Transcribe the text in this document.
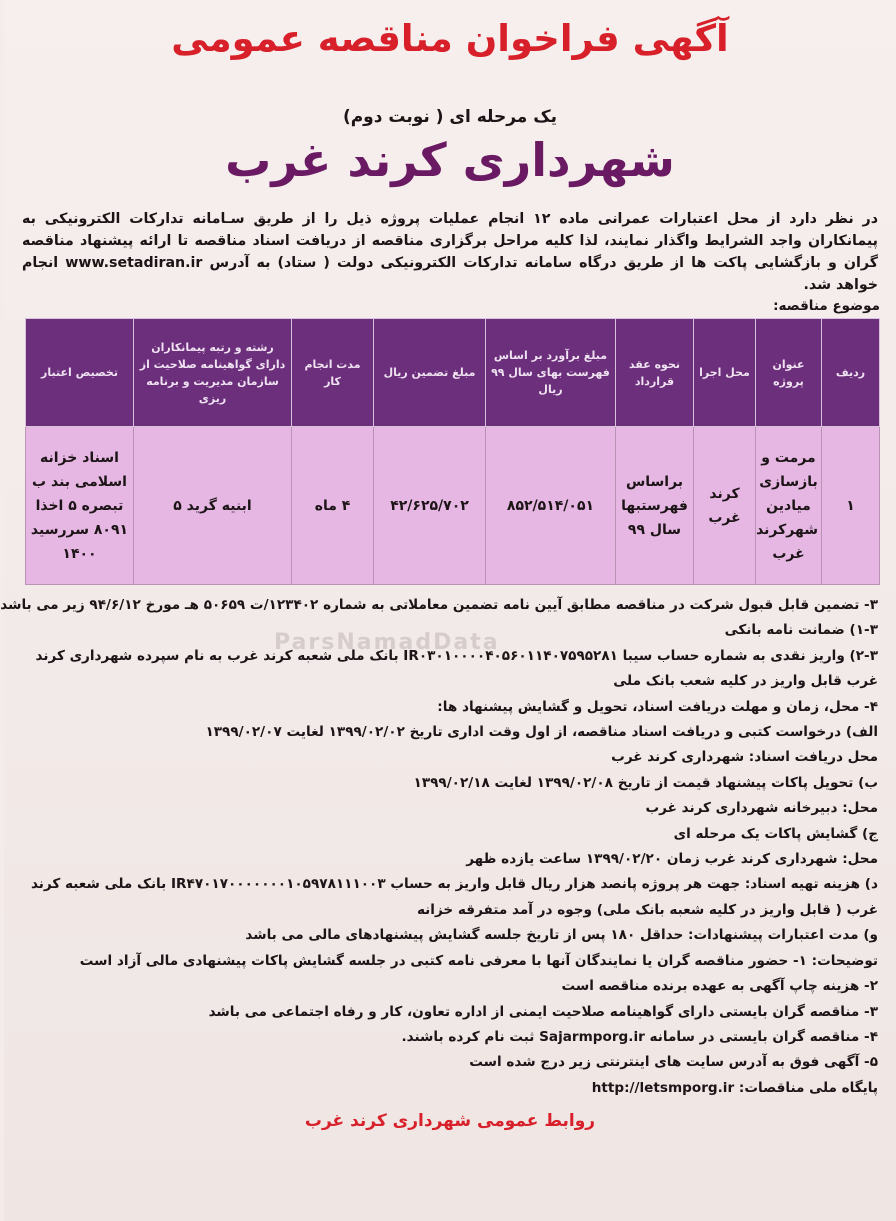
آگهی فراخوان مناقصه عمومی
یک مرحله ای ( نوبت دوم)
شهرداری کرند غرب

در نظر دارد از محل اعتبارات عمرانی ماده ۱۲ انجام عملیات پروژه ذیل را از طریق سـامانه تدارکات الکترونیکی به پیمانکاران واجد الشرایط واگذار نمایند، لذا کلیه مراحل برگزاری مناقصه از دریافت اسناد مناقصه تا ارائه پیشنهاد مناقصه گران و بازگشایی پاکت ها از طریق درگاه سامانه تدارکات الکترونیکی دولت ( ستاد) به آدرس www.setadiran.ir انجام خواهد شد.

موضوع مناقصه:
ردیف	عنوان پروژه	محل اجرا	نحوه عقد قرارداد	مبلغ برآورد بر اساس فهرست بهای سال ۹۹ ریال	مبلغ تضمین ریال	مدت انجام کار	رشته و رتبه پیمانکاران دارای گواهینامه صلاحیت از سازمان مدیریت و برنامه ریزی	تخصیص اعتبار
۱	مرمت و بازسازی میادین شهرکرند غرب	کرند غرب	براساس فهرستبها سال ۹۹	۸۵۲/۵۱۴/۰۵۱	۴۲/۶۲۵/۷۰۲	۴ ماه	ابنیه گرید ۵	اسناد خزانه اسلامی بند ب تبصره ۵ اخذا ۸۰۹۱ سررسید ۱۴۰۰

۳- تضمین قابل قبول شرکت در مناقصه مطابق آیین نامه تضمین معاملاتی به شماره ۱۲۳۴۰۲/ت ۵۰۶۵۹ هـ مورخ ۹۴/۶/۱۲ زیر می باشد

۱-۳) ضمانت نامه بانکی

۲-۳) واریز نقدی به شماره حساب سیبا IR۰۳۰۱۰۰۰۰۴۰۵۶۰۱۱۴۰۷۵۹۵۲۸۱ بانک ملی شعبه کرند غرب به نام سپرده شهرداری کرند غرب قابل واریز در کلیه شعب بانک ملی

۴- محل، زمان و مهلت دریافت اسناد، تحویل و گشایش پیشنهاد ها:

الف) درخواست کتبی و دریافت اسناد مناقصه، از اول وقت اداری تاریخ ۱۳۹۹/۰۲/۰۲ لغایت ۱۳۹۹/۰۲/۰۷

محل دریافت اسناد: شهرداری کرند غرب

ب) تحویل پاکات پیشنهاد قیمت از تاریخ ۱۳۹۹/۰۲/۰۸ لغایت ۱۳۹۹/۰۲/۱۸

محل: دبیرخانه شهرداری کرند غرب

ج) گشایش پاکات یک مرحله ای

محل: شهرداری کرند غرب زمان ۱۳۹۹/۰۲/۲۰ ساعت یازده ظهر

د) هزینه تهیه اسناد: جهت هر پروژه پانصد هزار ریال قابل واریز به حساب IR۴۷۰۱۷۰۰۰۰۰۰۰۱۰۵۹۷۸۱۱۱۰۰۳ بانک ملی شعبه کرند غرب ( قابل واریز در کلیه شعبه بانک ملی) وجوه در آمد متفرقه خزانه

و) مدت اعتبارات پیشنهادات: حداقل ۱۸۰ پس از تاریخ جلسه گشایش پیشنهادهای مالی می باشد

توضیحات: ۱- حضور مناقصه گران یا نمایندگان آنها با معرفی نامه کتبی در جلسه گشایش پاکات پیشنهادی مالی آزاد است

۲- هزینه چاپ آگهی به عهده برنده مناقصه است

۳- مناقصه گران بایستی دارای گواهینامه صلاحیت ایمنی از اداره تعاون، کار و رفاه اجتماعی می باشد

۴- مناقصه گران بایستی در سامانه Sajarmporg.ir ثبت نام کرده باشند.

۵- آگهی فوق به آدرس سایت های اینترنتی زیر درج شده است

پایگاه ملی مناقصات: http://letsmporg.ir

روابط عمومی شهرداری کرند غرب
ParsNamadData
